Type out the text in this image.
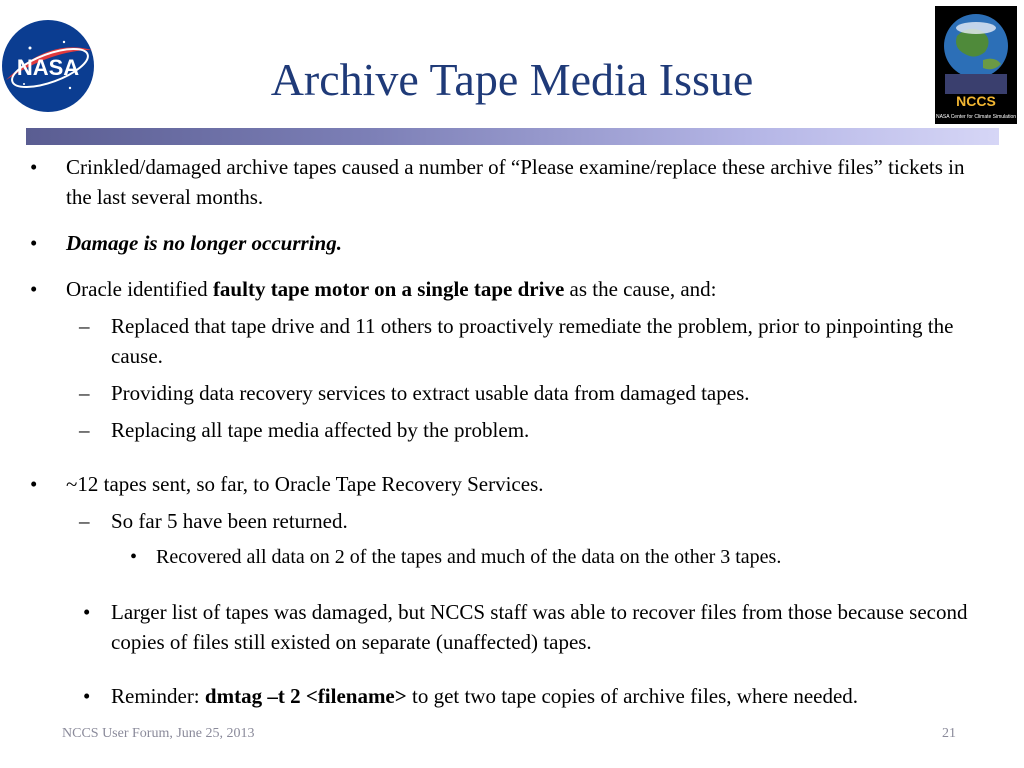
NASA
NCCS
NASA Center for Climate Simulation
Archive Tape Media Issue
• Crinkled/damaged archive tapes caused a number of “Please examine/replace these archive files” tickets in the last several months.
• Damage is no longer occurring.
• Oracle identified faulty tape motor on a single tape drive as the cause, and:
– Replaced that tape drive and 11 others to proactively remediate the problem, prior to pinpointing the cause.
– Providing data recovery services to extract usable data from damaged tapes.
– Replacing all tape media affected by the problem.
• ~12 tapes sent, so far, to Oracle Tape Recovery Services.
– So far 5 have been returned.
• Recovered all data on 2 of the tapes and much of the data on the other 3 tapes.
• Larger list of tapes was damaged, but NCCS staff was able to recover files from those because second copies of files still existed on separate (unaffected) tapes.
• Reminder: dmtag –t 2 <filename> to get two tape copies of archive files, where needed.
NCCS User Forum, June 25, 2013	21
